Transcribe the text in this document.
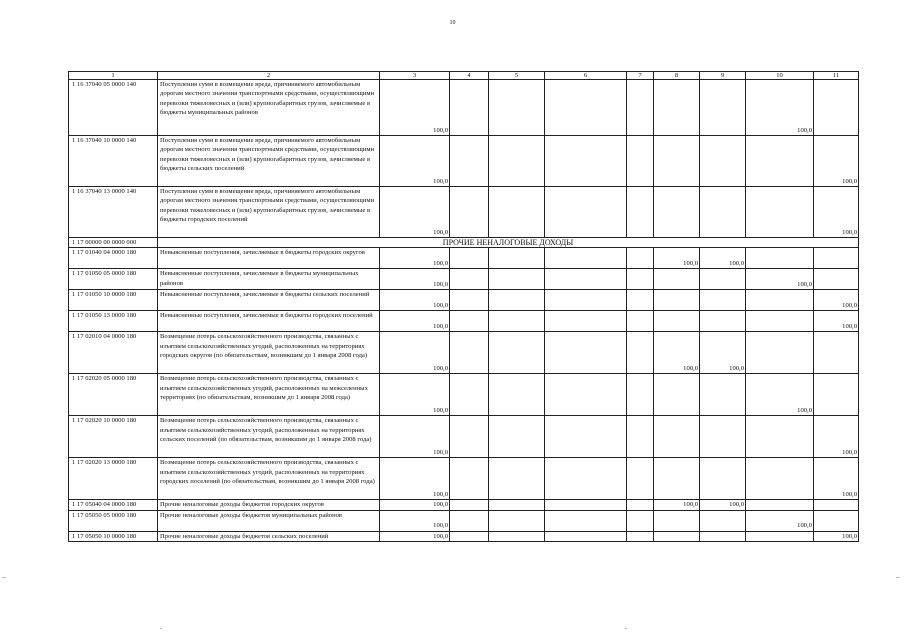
10
1	2	3	4	5	6	7	8	9	10	11
1 16 37040 05 0000 140	Поступления сумм в возмещение вреда, причиняемого автомобильным дорогам местного значения транспортными средствами, осуществляющими перевозки тяжеловесных и (или) крупногабаритных грузов, зачисляемые в бюджеты муниципальных районов	100,0							100,0	
1 16 37040 10 0000 140	Поступления сумм в возмещение вреда, причиняемого автомобильным дорогам местного значения транспортными средствами, осуществляющими перевозки тяжеловесных и (или) крупногабаритных грузов, зачисляемые в бюджеты сельских поселений	100,0								100,0
1 16 37040 13 0000 140	Поступления сумм в возмещение вреда, причиняемого автомобильным дорогам местного значения транспортными средствами, осуществляющими перевозки тяжеловесных и (или) крупногабаритных грузов, зачисляемые в бюджеты городских поселений	100,0								100,0
1 17 00000 00 0000 000	ПРОЧИЕ НЕНАЛОГОВЫЕ ДОХОДЫ									
1 17 01040 04 0000 180	Невыясненные поступления, зачисляемые в бюджеты городских округов	100,0					100,0	100,0		
1 17 01050 05 0000 180	Невыясненные поступления, зачисляемые в бюджеты муниципальных районов	100,0							100,0	
1 17 01050 10 0000 180	Невыясненные поступления, зачисляемые в бюджеты сельских поселений	100,0								100,0
1 17 01050 13 0000 180	Невыясненные поступления, зачисляемые в бюджеты городских поселений	100,0								100,0
1 17 02010 04 0000 180	Возмещение потерь сельскохозяйственного производства, связанных с изъятием сельскохозяйственных угодий, расположенных на территориях городских округов (по обязательствам, возникшим до 1 января 2008 года)	100,0					100,0	100,0		
1 17 02020 05 0000 180	Возмещение потерь сельскохозяйственного производства, связанных с изъятием сельскохозяйственных угодий, расположенных на межселенных территориях (по обязательствам, возникшим до 1 января 2008 года)	100,0							100,0	
1 17 02020 10 0000 180	Возмещение потерь сельскохозяйственного производства, связанных с изъятием сельскохозяйственных угодий, расположенных на территориях сельских поселений (по обязательствам, возникшим до 1 января 2008 года)	100,0								100,0
1 17 02020 13 0000 180	Возмещение потерь сельскохозяйственного производства, связанных с изъятием сельскохозяйственных угодий, расположенных на территориях городских поселений (по обязательствам, возникшим до 1 января 2008 года)	100,0								100,0
1 17 05040 04 0000 180	Прочие неналоговые доходы бюджетов городских округов	100,0					100,0	100,0		
1 17 05050 05 0000 180	Прочие неналоговые доходы бюджетов муниципальных районов	100,0							100,0	
1 17 05050 10 0000 180	Прочие неналоговые доходы бюджетов сельских поселений	100,0								100,0
